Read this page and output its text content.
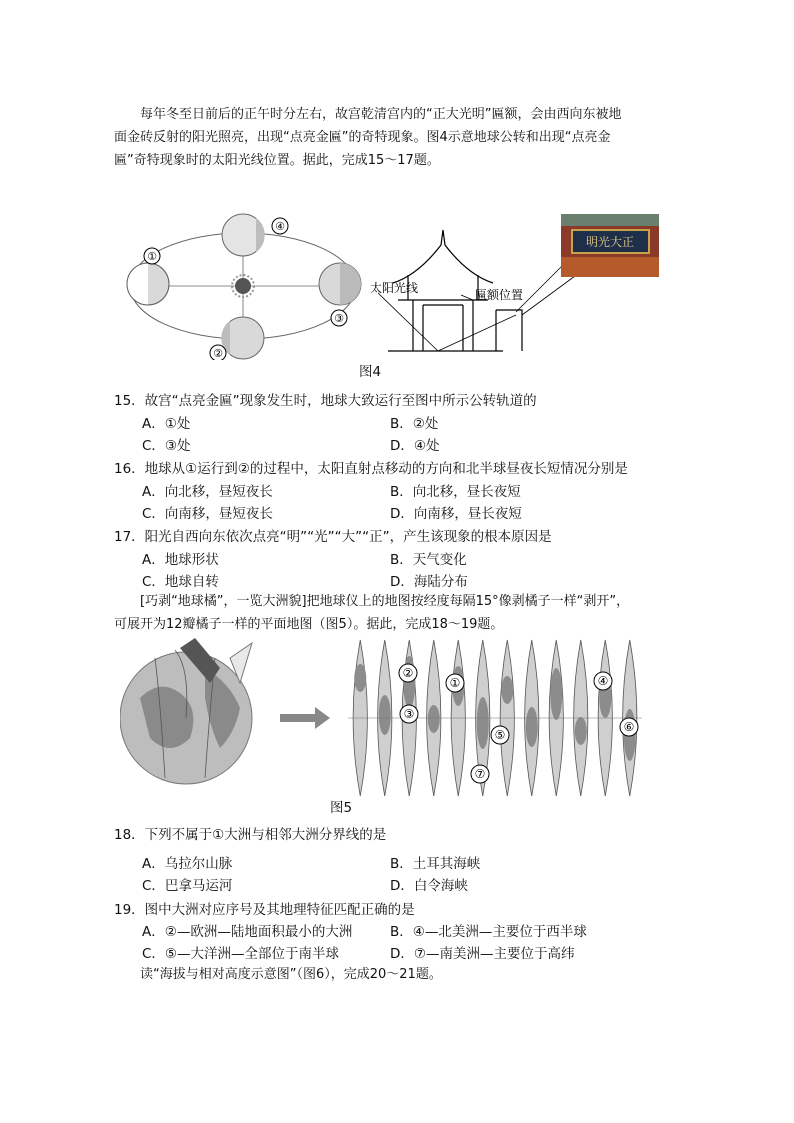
每年冬至日前后的正午时分左右，故宫乾清宫内的“正大光明”匾额，会由西向东被地
面金砖反射的阳光照亮，出现“点亮金匾”的奇特现象。图4示意地球公转和出现“点亮金
匾”奇特现象时的太阳光线位置。据此，完成15～17题。
①
②
③
④
太阳光线	匾额位置
明光大正
图4
15．故宫“点亮金匾”现象发生时，地球大致运行至图中所示公转轨道的
A．①处	B．②处
C．③处	D．④处
16．地球从①运行到②的过程中，太阳直射点移动的方向和北半球昼夜长短情况分别是
A．向北移，昼短夜长	B．向北移，昼长夜短
C．向南移，昼短夜长	D．向南移，昼长夜短
17．阳光自西向东依次点亮“明”“光”“大”“正”，产生该现象的根本原因是
A．地球形状	B．天气变化
C．地球自转	D．海陆分布
[巧剥“地球橘”，一览大洲貌]把地球仪上的地图按经度每隔15°像剥橘子一样“剥开”，
可展开为12瓣橘子一样的平面地图（图5）。据此，完成18～19题。
①
②
③
④
⑤
⑥
⑦
图5
18．下列不属于①大洲与相邻大洲分界线的是
A．乌拉尔山脉	B．土耳其海峡
C．巴拿马运河	D．白令海峡
19．图中大洲对应序号及其地理特征匹配正确的是
A．②—欧洲—陆地面积最小的大洲	B．④—北美洲—主要位于西半球
C．⑤—大洋洲—全部位于南半球	D．⑦—南美洲—主要位于高纬
读“海拔与相对高度示意图”（图6），完成20～21题。
